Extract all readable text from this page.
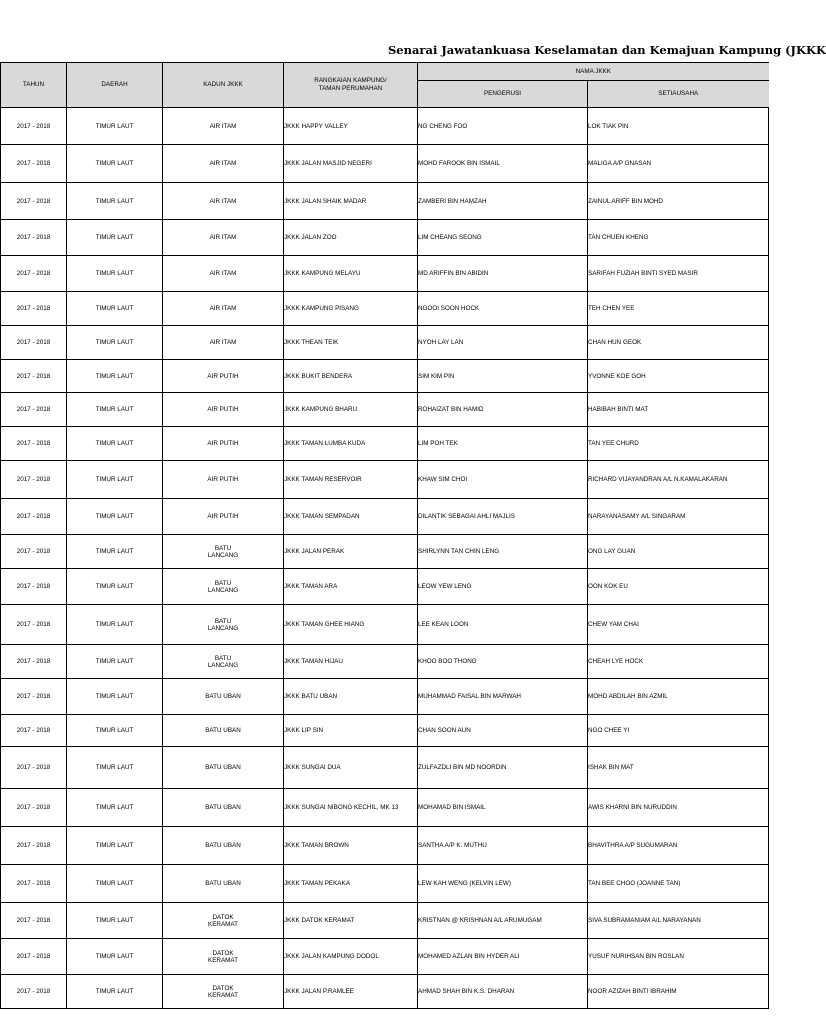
Senarai Jawatankuasa Keselamatan dan Kemajuan Kampung (JKKK
TAHUN	DAERAH	KADUN JKKK	RANGKAIAN KAMPUNG/
TAMAN PERUMAHAN	NAMA JKKK	
				PENGERUSI	SETIAUSAHA
2017 - 2018	TIMUR LAUT	AIR ITAM	JKKK HAPPY VALLEY	NG CHENG FOO	LOK TIAK PIN
2017 - 2018	TIMUR LAUT	AIR ITAM	JKKK JALAN MASJID NEGERI	MOHD FAROOK BIN ISMAIL	MALIGA A/P GNASAN
2017 - 2018	TIMUR LAUT	AIR ITAM	JKKK JALAN SHAIK MADAR	ZAMBERI BIN HAMZAH	ZAINUL ARIFF BIN MOHD
2017 - 2018	TIMUR LAUT	AIR ITAM	JKKK JALAN ZOO	LIM CHEANG SEONG	TAN CHUEN KHENG
2017 - 2018	TIMUR LAUT	AIR ITAM	JKKK KAMPUNG MELAYU	MD ARIFFIN BIN ABIDIN	SARIFAH FUZIAH BINTI SYED MASIR
2017 - 2018	TIMUR LAUT	AIR ITAM	JKKK KAMPUNG PISANG	NGOOI SOON HOCK	TEH CHEN YEE
2017 - 2018	TIMUR LAUT	AIR ITAM	JKKK THEAN TEIK	NYOH LAY LAN	CHAN HUN GEOK
2017 - 2018	TIMUR LAUT	AIR PUTIH	JKKK BUKIT BENDERA	SIM KIM PIN	YVONNE KOE GOH
2017 - 2018	TIMUR LAUT	AIR PUTIH	JKKK KAMPUNG BHARU	ROHAIZAT BIN HAMID	HABIBAH BINTI MAT
2017 - 2018	TIMUR LAUT	AIR PUTIH	JKKK TAMAN LUMBA KUDA	LIM POH TEK	TAN YEE CHURD
2017 - 2018	TIMUR LAUT	AIR PUTIH	JKKK TAMAN RESERVOIR	KHAW SIM CHOI	RICHARD VIJAYANDRAN A/L N.KAMALAKARAN
2017 - 2018	TIMUR LAUT	AIR PUTIH	JKKK TAMAN SEMPADAN	DILANTIK SEBAGAI AHLI MAJLIS	NARAYANASAMY A/L SINGARAM
2017 - 2018	TIMUR LAUT	BATU
LANCANG	JKKK JALAN PERAK	SHIRLYNN TAN CHIN LENG	ONG LAY GUAN
2017 - 2018	TIMUR LAUT	BATU
LANCANG	JKKK TAMAN ARA	LEOW YEW LENG	OON KOK EU
2017 - 2018	TIMUR LAUT	BATU
LANCANG	JKKK TAMAN GHEE HIANG	LEE KEAN LOON	CHEW YAM CHAI
2017 - 2018	TIMUR LAUT	BATU
LANCANG	JKKK TAMAN HIJAU	KHOO BOO THONG	CHEAH LYE HOCK
2017 - 2018	TIMUR LAUT	BATU UBAN	JKKK BATU UBAN	MUHAMMAD FAISAL BIN MARWAH	MOHD ABDILAH BIN AZMIL
2017 - 2018	TIMUR LAUT	BATU UBAN	JKKK LIP SIN	CHAN SOON AUN	NGO CHEE YI
2017 - 2018	TIMUR LAUT	BATU UBAN	JKKK SUNGAI DUA	ZULFAZDLI BIN MD NOORDIN	ISHAK BIN MAT
2017 - 2018	TIMUR LAUT	BATU UBAN	JKKK SUNGAI NIBONG KECHIL, MK 13	MOHAMAD BIN ISMAIL	AWIS KHARNI BIN NURUDDIN
2017 - 2018	TIMUR LAUT	BATU UBAN	JKKK TAMAN BROWN	SANTHA A/P K. MUTHU	BHAVITHRA A/P SUGUMARAN
2017 - 2018	TIMUR LAUT	BATU UBAN	JKKK TAMAN PEKAKA	LEW KAH WENG (KELVIN LEW)	TAN BEE CHOO (JOANNE TAN)
2017 - 2018	TIMUR LAUT	DATOK
KERAMAT	JKKK DATOK KERAMAT	KRISTNAN @ KRISHNAN A/L ARUMUGAM	SIVA SUBRAMANIAM A/L NARAYANAN
2017 - 2018	TIMUR LAUT	DATOK
KERAMAT	JKKK JALAN KAMPUNG DODOL	MOHAMED AZLAN BIN HYDER ALI	YUSUF NURIHSAN BIN ROSLAN
2017 - 2018	TIMUR LAUT	DATOK
KERAMAT	JKKK JALAN P.RAMLEE	AHMAD SHAH BIN K.S. DHARAN	NOOR AZIZAH BINTI IBRAHIM
